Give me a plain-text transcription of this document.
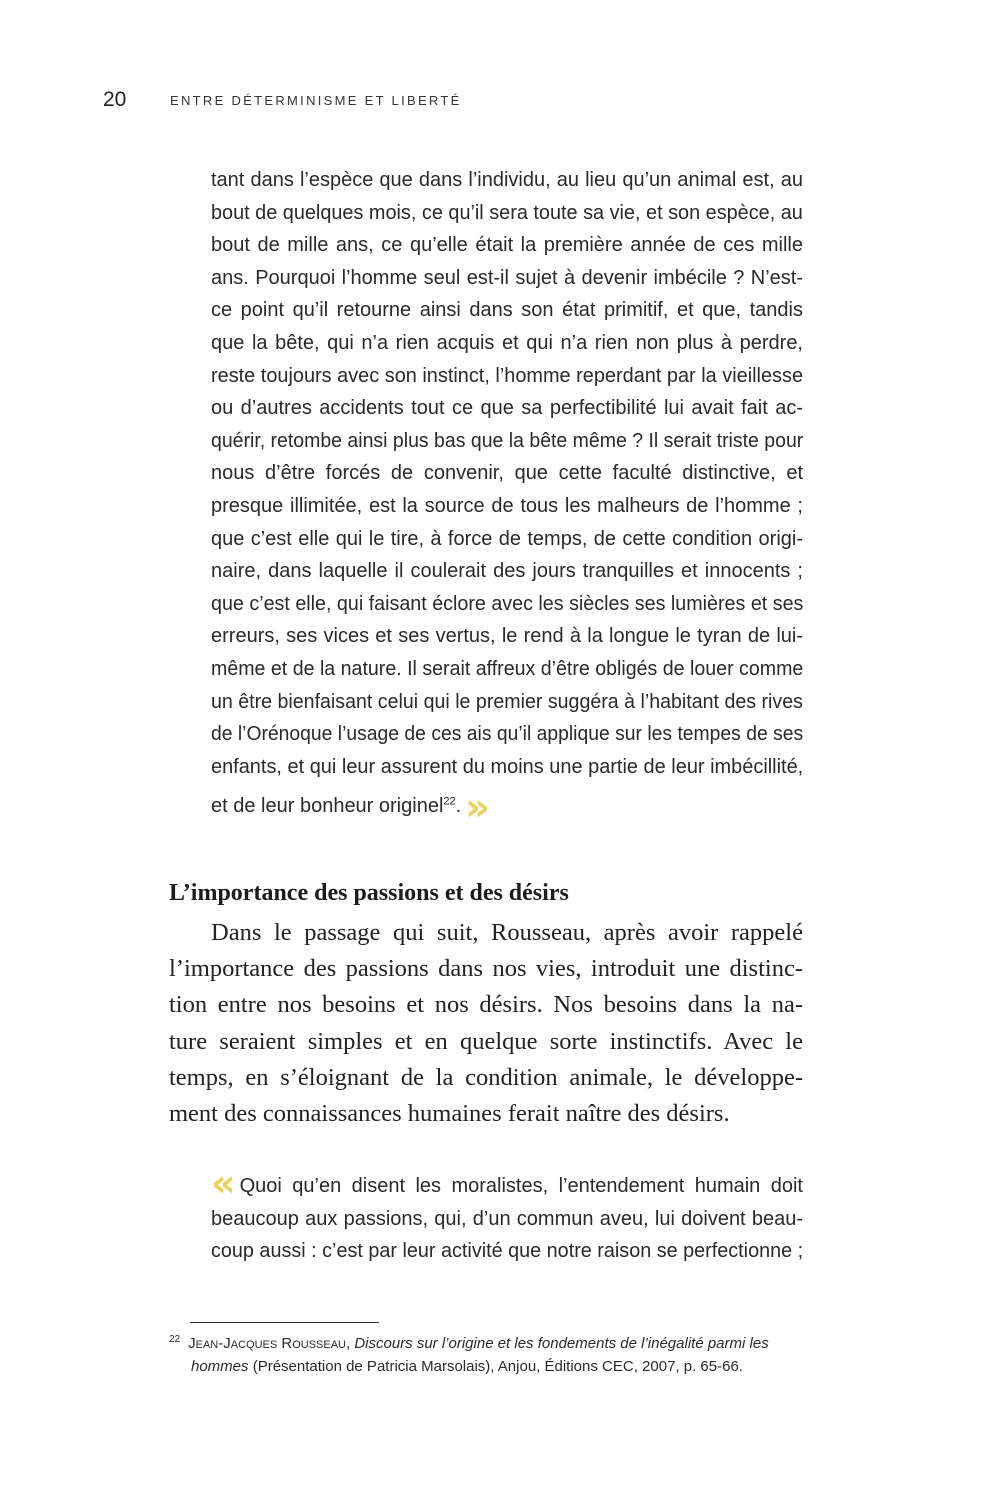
20	ENTRE DÉTERMINISME ET LIBERTÉ
tant dans l’espèce que dans l’individu, au lieu qu’un animal est, au
bout de quelques mois, ce qu’il sera toute sa vie, et son espèce, au
bout de mille ans, ce qu’elle était la première année de ces mille
ans. Pourquoi l’homme seul est-il sujet à devenir imbécile ? N’est-
ce point qu’il retourne ainsi dans son état primitif, et que, tandis
que la bête, qui n’a rien acquis et qui n’a rien non plus à perdre,
reste toujours avec son instinct, l’homme reperdant par la vieillesse
ou d’autres accidents tout ce que sa perfectibilité lui avait fait ac-
quérir, retombe ainsi plus bas que la bête même ? Il serait triste pour
nous d’être forcés de convenir, que cette faculté distinctive, et
presque illimitée, est la source de tous les malheurs de l’homme ;
que c’est elle qui le tire, à force de temps, de cette condition origi-
naire, dans laquelle il coulerait des jours tranquilles et innocents ;
que c’est elle, qui faisant éclore avec les siècles ses lumières et ses
erreurs, ses vices et ses vertus, le rend à la longue le tyran de lui-
même et de la nature. Il serait affreux d’être obligés de louer comme
un être bienfaisant celui qui le premier suggéra à l’habitant des rives
de l’Orénoque l’usage de ces ais qu’il applique sur les tempes de ses
enfants, et qui leur assurent du moins une partie de leur imbécillité,
et de leur bonheur originel$^{22}$. »
L’importance des passions et des désirs
Dans le passage qui suit, Rousseau, après avoir rappelé
l’importance des passions dans nos vies, introduit une distinc-
tion entre nos besoins et nos désirs. Nos besoins dans la na-
ture seraient simples et en quelque sorte instinctifs. Avec le
temps, en s’éloignant de la condition animale, le développe-
ment des connaissances humaines ferait naître des désirs.
« Quoi qu’en disent les moralistes, l’entendement humain doit
beaucoup aux passions, qui, d’un commun aveu, lui doivent beau-
coup aussi : c’est par leur activité que notre raison se perfectionne ;
$^{22}$ Jean-Jacques Rousseau, Discours sur l’origine et les fondements de l’inégalité parmi les
hommes (Présentation de Patricia Marsolais), Anjou, Éditions CEC, 2007, p. 65-66.
